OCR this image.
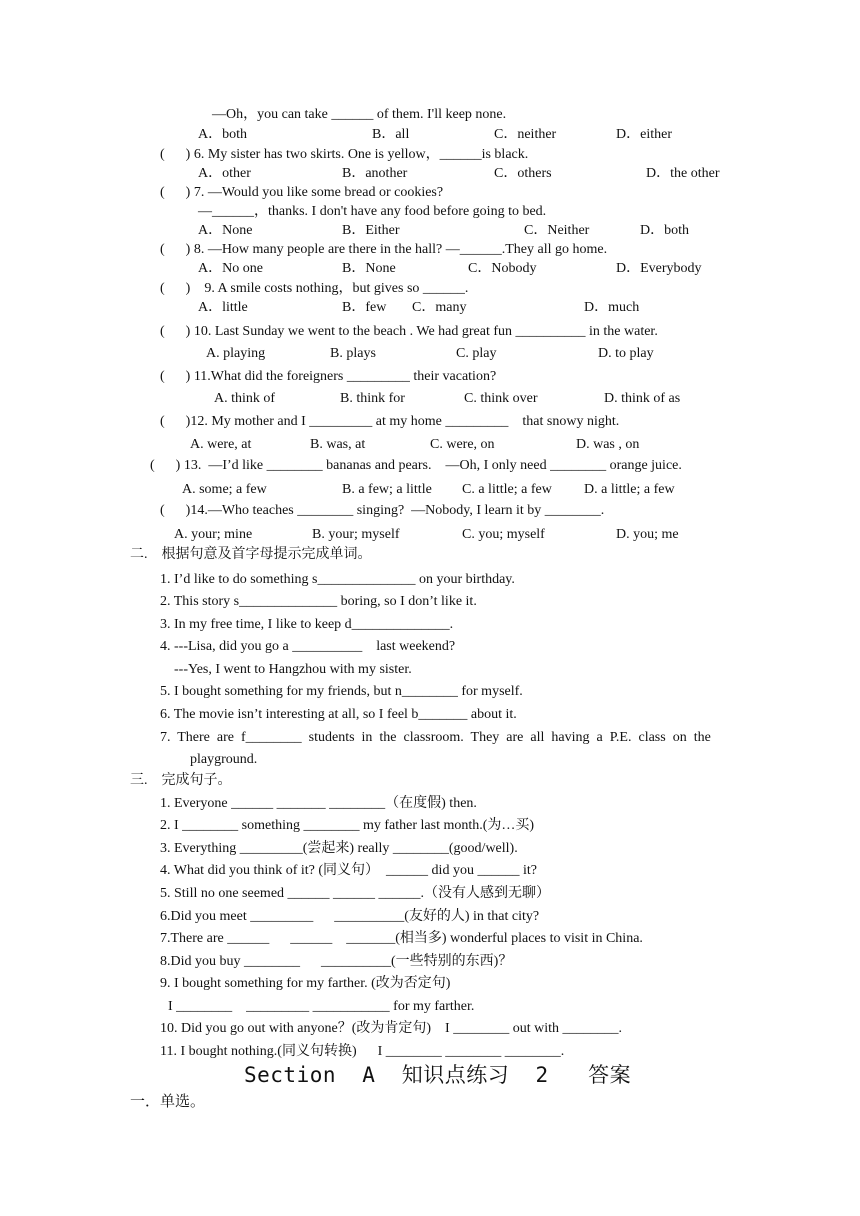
—Oh，you can take ______ of them. I'll keep none.
A．both	B．all	C．neither	D．either
(      ) 6. My sister has two skirts. One is yellow，______is black.
A．other	B．another	C．others	D．the other
(      ) 7. —Would you like some bread or cookies?
—______，thanks. I don't have any food before going to bed.
A．None	B．Either	C．Neither	D．both
(      ) 8. —How many people are there in the hall? —______.They all go home.
A．No one	B．None	C．Nobody	D．Everybody
(      )    9. A smile costs nothing，but gives so ______.
A．little	B．few C．many	D．much
(      ) 10. Last Sunday we went to the beach . We had great fun __________ in the water.
A. playing	B. plays	C. play	D. to play
(      ) 11.What did the foreigners _________ their vacation?
A. think of	B. think for	C. think over	D. think of as
(      )12. My mother and I _________ at my home _________    that snowy night.
A. were, at	B. was, at	C. were, on	D. was , on
(      ) 13.  —I’d like ________ bananas and pears.    —Oh, I only need ________ orange juice.
A. some; a few	B. a few; a little C. a little; a few D. a little; a few
(      )14.—Who teaches ________ singing?  —Nobody, I learn it by ________.
A. your; mine	B. your; myself	C. you; myself	D. you; me
二.    根据句意及首字母提示完成单词。
1. I’d like to do something s______________ on your birthday.
2. This story s______________ boring, so I don’t like it.
3. In my free time, I like to keep d______________.
4. ---Lisa, did you go a __________    last weekend?
---Yes, I went to Hangzhou with my sister.
5. I bought something for my friends, but n________ for myself.
6. The movie isn’t interesting at all, so I feel b_______ about it.
7.  There  are  f________  students  in  the  classroom.  They  are  all  having  a  P.E.  class  on  the
playground.
三.    完成句子。
1. Everyone ______ _______ ________（在度假) then.
2. I ________ something ________ my father last month.(为…买)
3. Everything _________(尝起来) really ________(good/well).
4. What did you think of it? (同义句）  ______ did you ______ it?
5. Still no one seemed ______ ______ ______.（没有人感到无聊）
6.Did you meet _________      __________(友好的人) in that city?
7.There are ______      ______    _______(相当多) wonderful places to visit in China.
8.Did you buy ________      __________(一些特别的东西)？
9. I bought something for my farther. (改为否定句)
I ________    _________ ___________ for my farther.
10. Did you go out with anyone？(改为肯定句)    I ________ out with ________.
11. I bought nothing.(同义句转换)      I ________ ________ ________.
Section  A  知识点练习  2   答案
一．单选。
